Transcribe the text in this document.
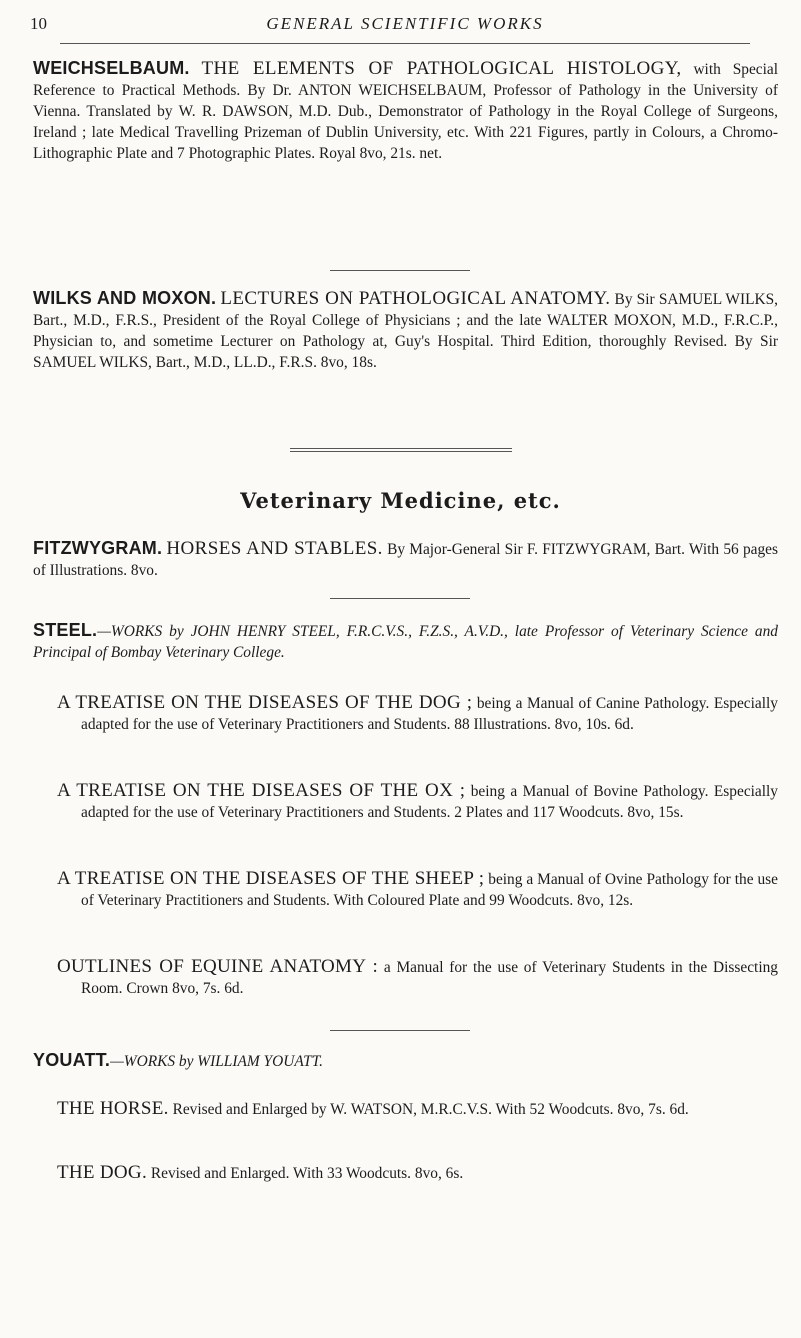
10	GENERAL SCIENTIFIC WORKS

WEICHSELBAUM. THE ELEMENTS OF PATHOLOGICAL HISTOLOGY, with Special Reference to Practical Methods. By Dr. ANTON WEICHSELBAUM, Professor of Pathology in the University of Vienna. Translated by W. R. DAWSON, M.D. Dub., Demonstrator of Pathology in the Royal College of Surgeons, Ireland ; late Medical Travelling Prizeman of Dublin University, etc. With 221 Figures, partly in Colours, a Chromo-Lithographic Plate and 7 Photographic Plates. Royal 8vo, 21s. net.

WILKS AND MOXON. LECTURES ON PATHOLOGICAL ANATOMY. By Sir SAMUEL WILKS, Bart., M.D., F.R.S., President of the Royal College of Physicians ; and the late WALTER MOXON, M.D., F.R.C.P., Physician to, and sometime Lecturer on Pathology at, Guy's Hospital. Third Edition, thoroughly Revised. By Sir SAMUEL WILKS, Bart., M.D., LL.D., F.R.S. 8vo, 18s.

Veterinary Medicine, etc.

FITZWYGRAM. HORSES AND STABLES. By Major-General Sir F. FITZWYGRAM, Bart. With 56 pages of Illustrations. 8vo.

STEEL.—WORKS by JOHN HENRY STEEL, F.R.C.V.S., F.Z.S., A.V.D., late Professor of Veterinary Science and Principal of Bombay Veterinary College.

A TREATISE ON THE DISEASES OF THE DOG ; being a Manual of Canine Pathology. Especially adapted for the use of Veterinary Practitioners and Students. 88 Illustrations. 8vo, 10s. 6d.

A TREATISE ON THE DISEASES OF THE OX ; being a Manual of Bovine Pathology. Especially adapted for the use of Veterinary Practitioners and Students. 2 Plates and 117 Woodcuts. 8vo, 15s.

A TREATISE ON THE DISEASES OF THE SHEEP ; being a Manual of Ovine Pathology for the use of Veterinary Practitioners and Students. With Coloured Plate and 99 Woodcuts. 8vo, 12s.

OUTLINES OF EQUINE ANATOMY : a Manual for the use of Veterinary Students in the Dissecting Room. Crown 8vo, 7s. 6d.

YOUATT.—WORKS by WILLIAM YOUATT.

THE HORSE. Revised and Enlarged by W. WATSON, M.R.C.V.S. With 52 Woodcuts. 8vo, 7s. 6d.

THE DOG. Revised and Enlarged. With 33 Woodcuts. 8vo, 6s.
